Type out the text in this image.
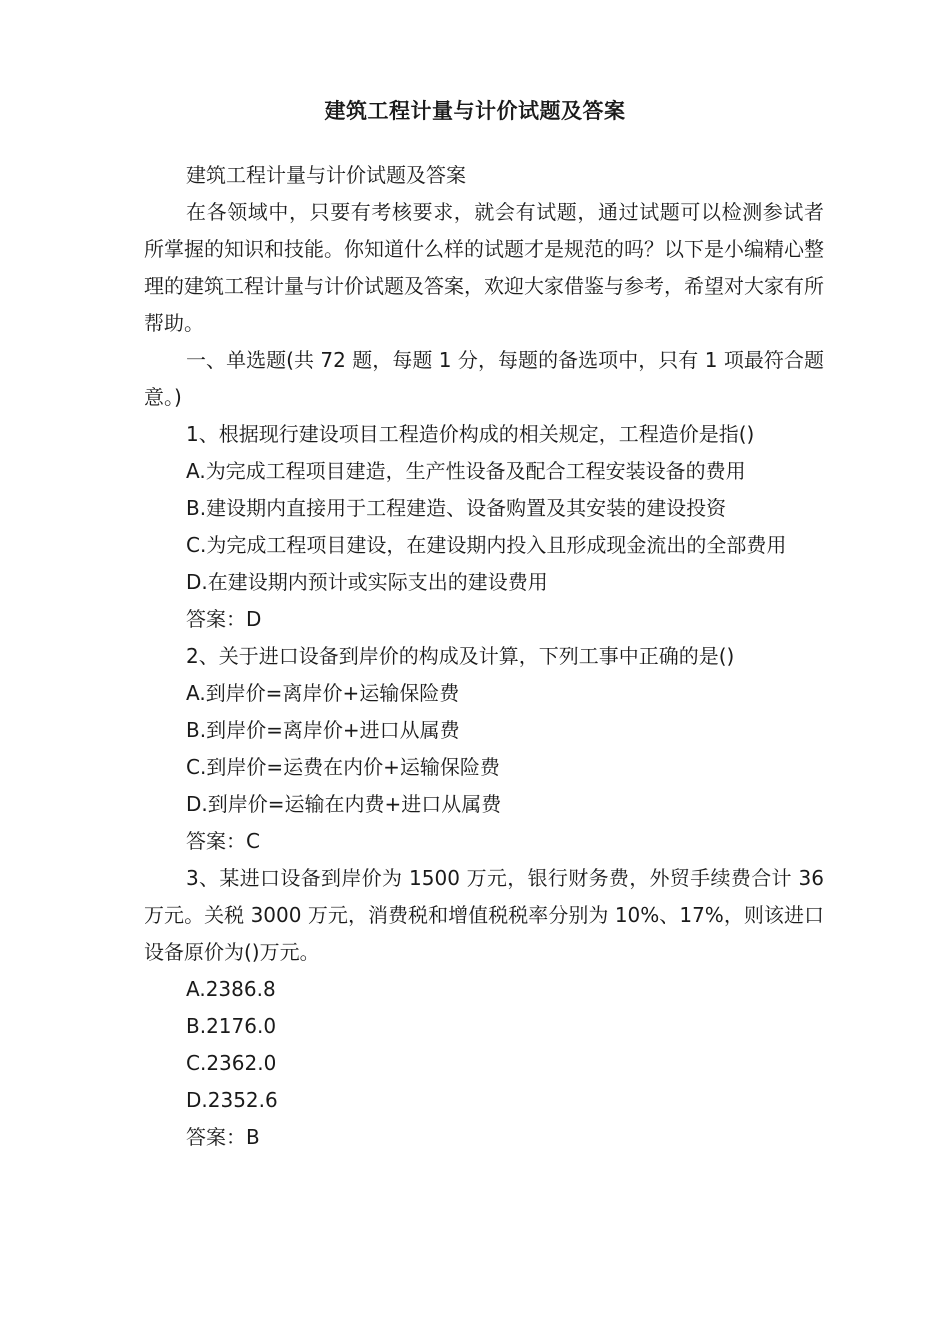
建筑工程计量与计价试题及答案

建筑工程计量与计价试题及答案

在各领域中，只要有考核要求，就会有试题，通过试题可以检测参试者所掌握的知识和技能。你知道什么样的试题才是规范的吗？以下是小编精心整理的建筑工程计量与计价试题及答案，欢迎大家借鉴与参考，希望对大家有所帮助。

一、单选题(共 72 题，每题 1 分，每题的备选项中，只有 1 项最符合题意。)

1、根据现行建设项目工程造价构成的相关规定，工程造价是指()

A.为完成工程项目建造，生产性设备及配合工程安装设备的费用

B.建设期内直接用于工程建造、设备购置及其安装的建设投资

C.为完成工程项目建设，在建设期内投入且形成现金流出的全部费用

D.在建设期内预计或实际支出的建设费用

答案：D

2、关于进口设备到岸价的构成及计算，下列工事中正确的是()

A.到岸价=离岸价+运输保险费

B.到岸价=离岸价+进口从属费

C.到岸价=运费在内价+运输保险费

D.到岸价=运输在内费+进口从属费

答案：C

3、某进口设备到岸价为 1500 万元，银行财务费，外贸手续费合计 36 万元。关税 3000 万元，消费税和增值税税率分别为 10%、17%，则该进口设备原价为()万元。

A.2386.8

B.2176.0

C.2362.0

D.2352.6

答案：B
